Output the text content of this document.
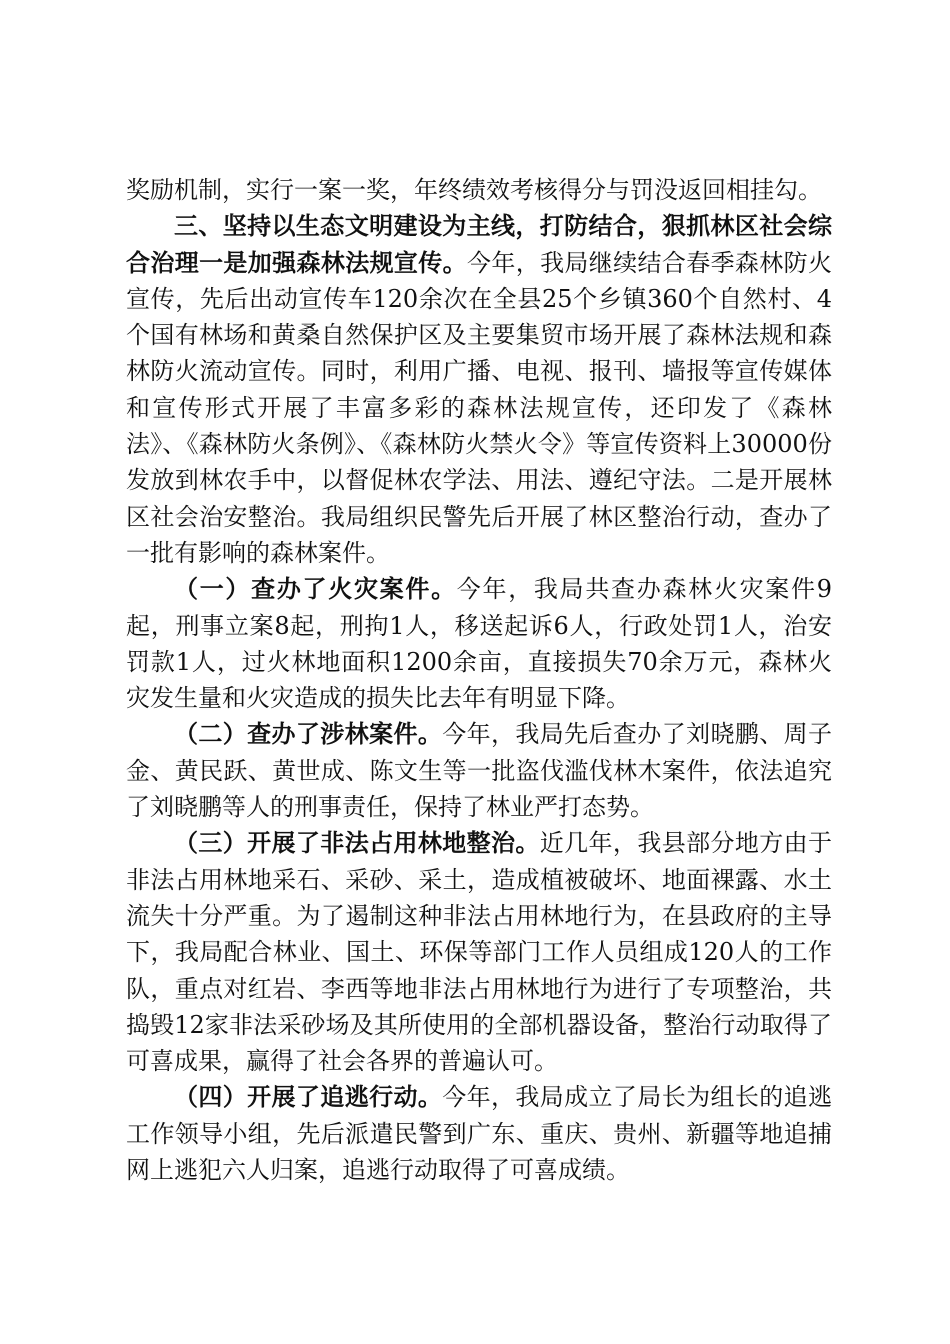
奖励机制，实行一案一奖，年终绩效考核得分与罚没返回相挂勾。

三、坚持以生态文明建设为主线，打防结合，狠抓林区社会综合治理一是加强森林法规宣传。今年，我局继续结合春季森林防火宣传，先后出动宣传车120余次在全县25个乡镇360个自然村、4个国有林场和黄桑自然保护区及主要集贸市场开展了森林法规和森林防火流动宣传。同时，利用广播、电视、报刊、墙报等宣传媒体和宣传形式开展了丰富多彩的森林法规宣传，还印发了《森林法》、《森林防火条例》、《森林防火禁火令》等宣传资料上30000份发放到林农手中，以督促林农学法、用法、遵纪守法。二是开展林区社会治安整治。我局组织民警先后开展了林区整治行动，查办了一批有影响的森林案件。

（一）查办了火灾案件。今年，我局共查办森林火灾案件9起，刑事立案8起，刑拘1人，移送起诉6人，行政处罚1人，治安罚款1人，过火林地面积1200余亩，直接损失70余万元，森林火灾发生量和火灾造成的损失比去年有明显下降。

（二）查办了涉林案件。今年，我局先后查办了刘晓鹏、周子金、黄民跃、黄世成、陈文生等一批盗伐滥伐林木案件，依法追究了刘晓鹏等人的刑事责任，保持了林业严打态势。

（三）开展了非法占用林地整治。近几年，我县部分地方由于非法占用林地采石、采砂、采土，造成植被破坏、地面裸露、水土流失十分严重。为了遏制这种非法占用林地行为，在县政府的主导下，我局配合林业、国土、环保等部门工作人员组成120人的工作队，重点对红岩、李西等地非法占用林地行为进行了专项整治，共捣毁12家非法采砂场及其所使用的全部机器设备，整治行动取得了可喜成果，赢得了社会各界的普遍认可。

（四）开展了追逃行动。今年，我局成立了局长为组长的追逃工作领导小组，先后派遣民警到广东、重庆、贵州、新疆等地追捕网上逃犯六人归案，追逃行动取得了可喜成绩。
